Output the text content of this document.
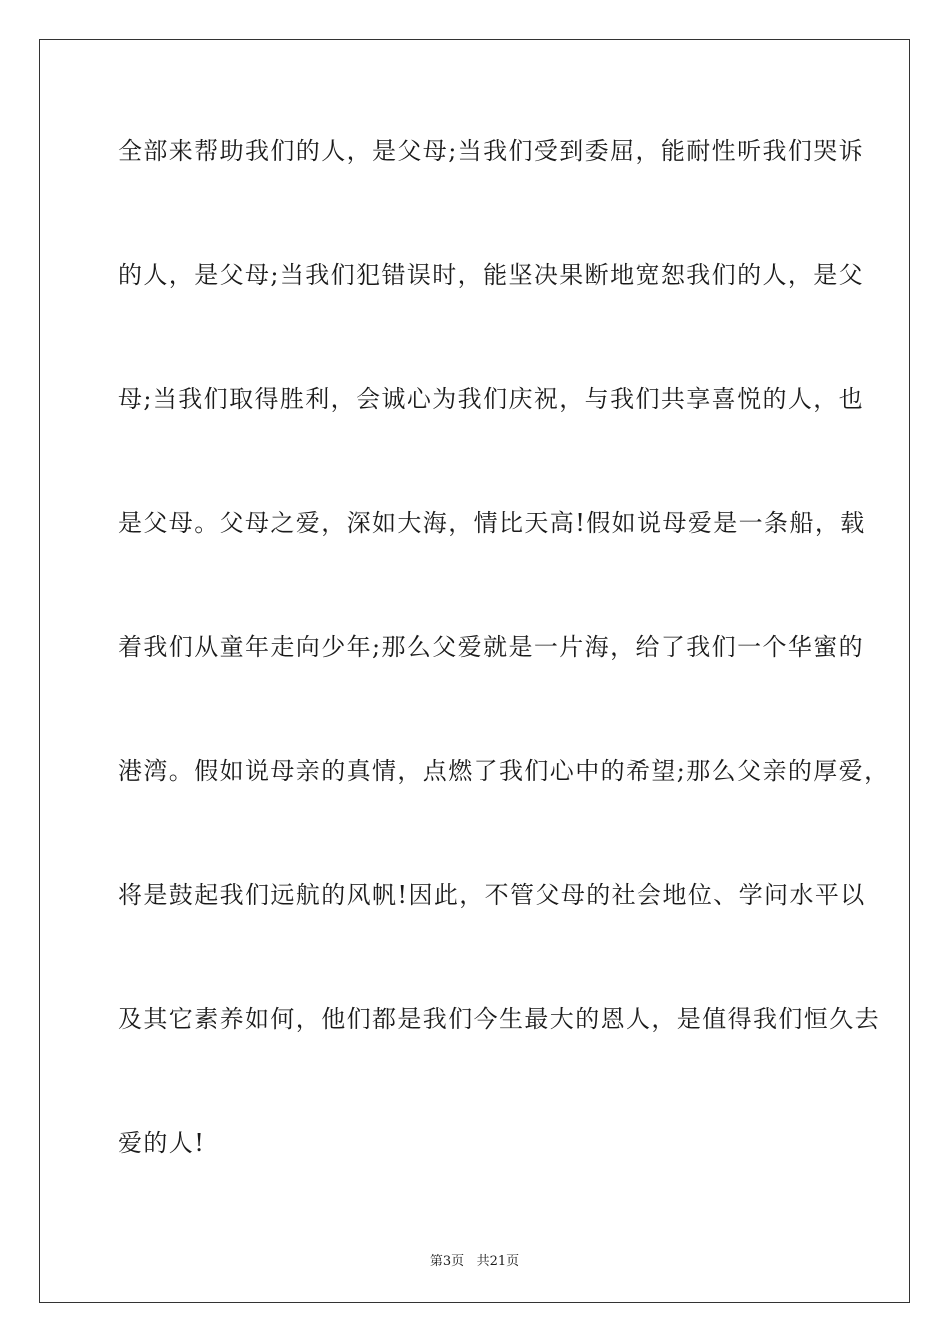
全部来帮助我们的人，是父母;当我们受到委屈，能耐性听我们哭诉
的人，是父母;当我们犯错误时，能坚决果断地宽恕我们的人，是父
母;当我们取得胜利，会诚心为我们庆祝，与我们共享喜悦的人，也
是父母。父母之爱，深如大海，情比天高!假如说母爱是一条船，载
着我们从童年走向少年;那么父爱就是一片海，给了我们一个华蜜的
港湾。假如说母亲的真情，点燃了我们心中的希望;那么父亲的厚爱，
将是鼓起我们远航的风帆!因此，不管父母的社会地位、学问水平以
及其它素养如何，他们都是我们今生最大的恩人，是值得我们恒久去
爱的人!
第3页 共21页
